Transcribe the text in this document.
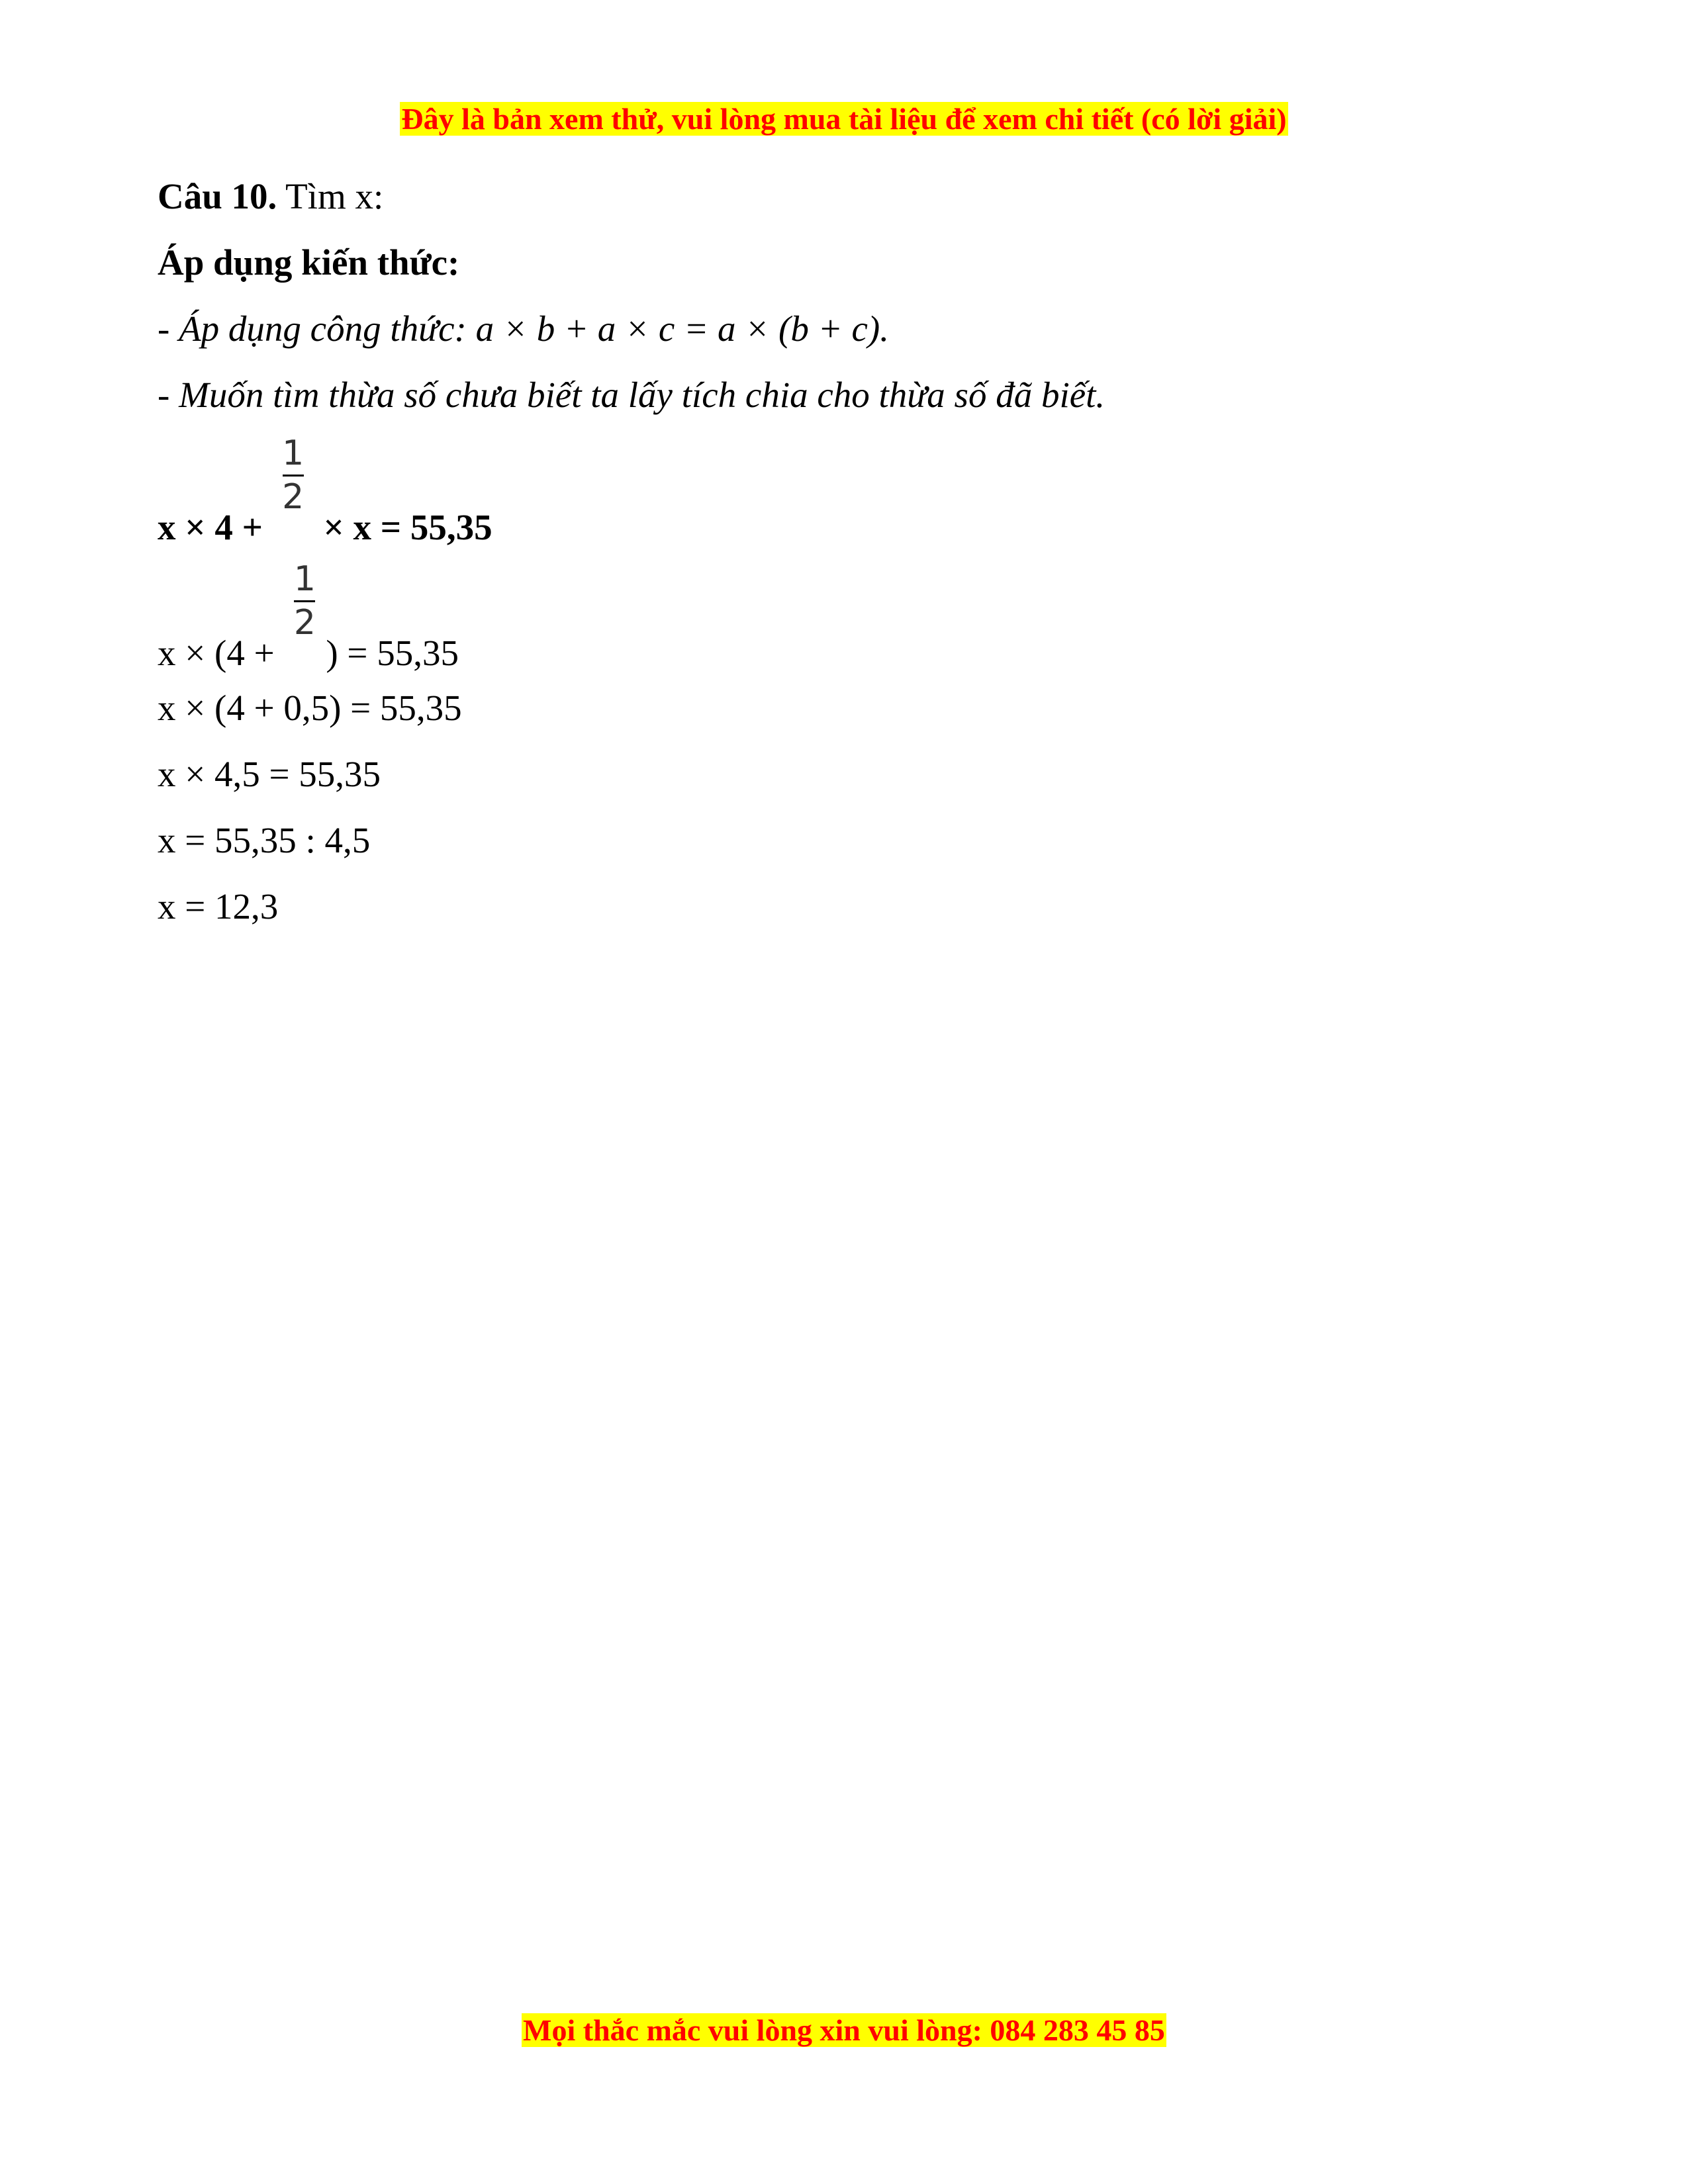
Đây là bản xem thử, vui lòng mua tài liệu để xem chi tiết (có lời giải)
Câu 10. Tìm x:
Áp dụng kiến thức:
- Áp dụng công thức: a × b + a × c = a × (b + c).
- Muốn tìm thừa số chưa biết ta lấy tích chia cho thừa số đã biết.
$x \times 4 + \frac{1}{2} \times x = 55,35$
$x \times (4 + \frac{1}{2}$ ) = 55,35
x × (4 + 0,5) = 55,35
x × 4,5 = 55,35
x = 55,35 : 4,5
x = 12,3
Mọi thắc mắc vui lòng xin vui lòng: 084 283 45 85
